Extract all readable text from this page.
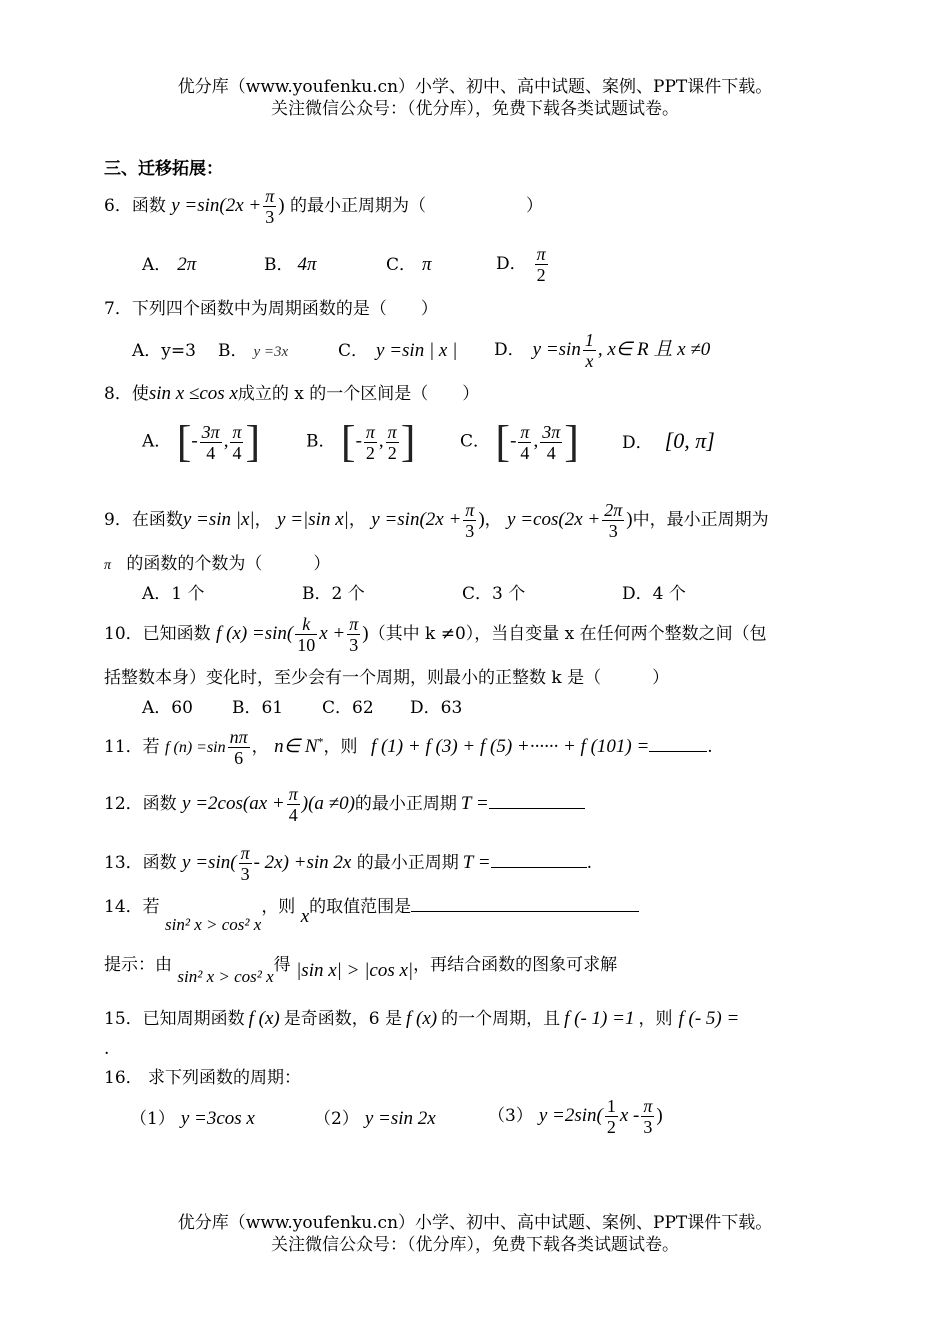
优分库（www.youfenku.cn）小学、初中、高中试题、案例、PPT课件下载。
关注微信公众号：（优分库），免费下载各类试题试卷。
三、迁移拓展：
6．函数 $y =\sin(2x + \frac{\pi}{3}$ ) 的最小正周期为（	）
A． 2π	B． 4π	C． π	D． $\frac{\pi}{2}$
7．下列四个函数中为周期函数的是（　　）
A．y=3 B． y =3x	C． y =sin | x | D． $y =\sin \frac{1}{x}$ , x∈ R 且 x ≠0
8．使sin x ≤cos x成立的 x 的一个区间是（　　）
A． [- $\frac{3\pi}{4}$ , $\frac{\pi}{4}$ ]	B． [- $\frac{\pi}{2}$ , $\frac{\pi}{2}$ ]	C． [- $\frac{\pi}{4}$ , $\frac{3\pi}{4}$ ]	D． [0, π]
9．在函数y =sin |x|， y =|sin x|， $y =\sin(2x + \frac{\pi}{3}$ )， $y =\cos(2x + \frac{2\pi}{3}$ )中，最小正周期为
π 的函数的个数为（　　　）
A．1 个	B．2 个	C．3 个	D．4 个
10．已知函数 f $(x) =\sin( \frac{k}{10}$ $x + \frac{\pi}{3}$ )（其中 k ≠0），当自变量 x 在任何两个整数之间（包
括整数本身）变化时，至少会有一个周期，则最小的正整数 k 是（　　　）
A．60 B．61 C．62 D．63
11．若 f $(n) =\sin \frac{n\pi}{6}$ ， n∈ N*，则 f (1) + f (3) + f (5) +······ + f (101) =	.
12．函数 $y =2\cos(ax + \frac{\pi}{4} )(a \ne 0)$的最小正周期 T =
13．函数 $y =\sin( \frac{\pi}{3} - 2x) +\sin$ 2x 的最小正周期 T =	.
14．若 sin² x > cos² x，则 x的取值范围是
提示：由 sin² x > cos² x得 |sin x| > |cos x|，再结合函数的图象可求解
15．已知周期函数 f (x) 是奇函数，6 是 f (x) 的一个周期，且 f (- 1) =1 ，则 f (- 5) =
.
16． 求下列函数的周期：
（1） y =3cos x	（2） y =sin 2x	（3） $y =2\sin( \frac{1}{2}$ x - $\frac{\pi}{3}$ )
优分库（www.youfenku.cn）小学、初中、高中试题、案例、PPT课件下载。
关注微信公众号：（优分库），免费下载各类试题试卷。
